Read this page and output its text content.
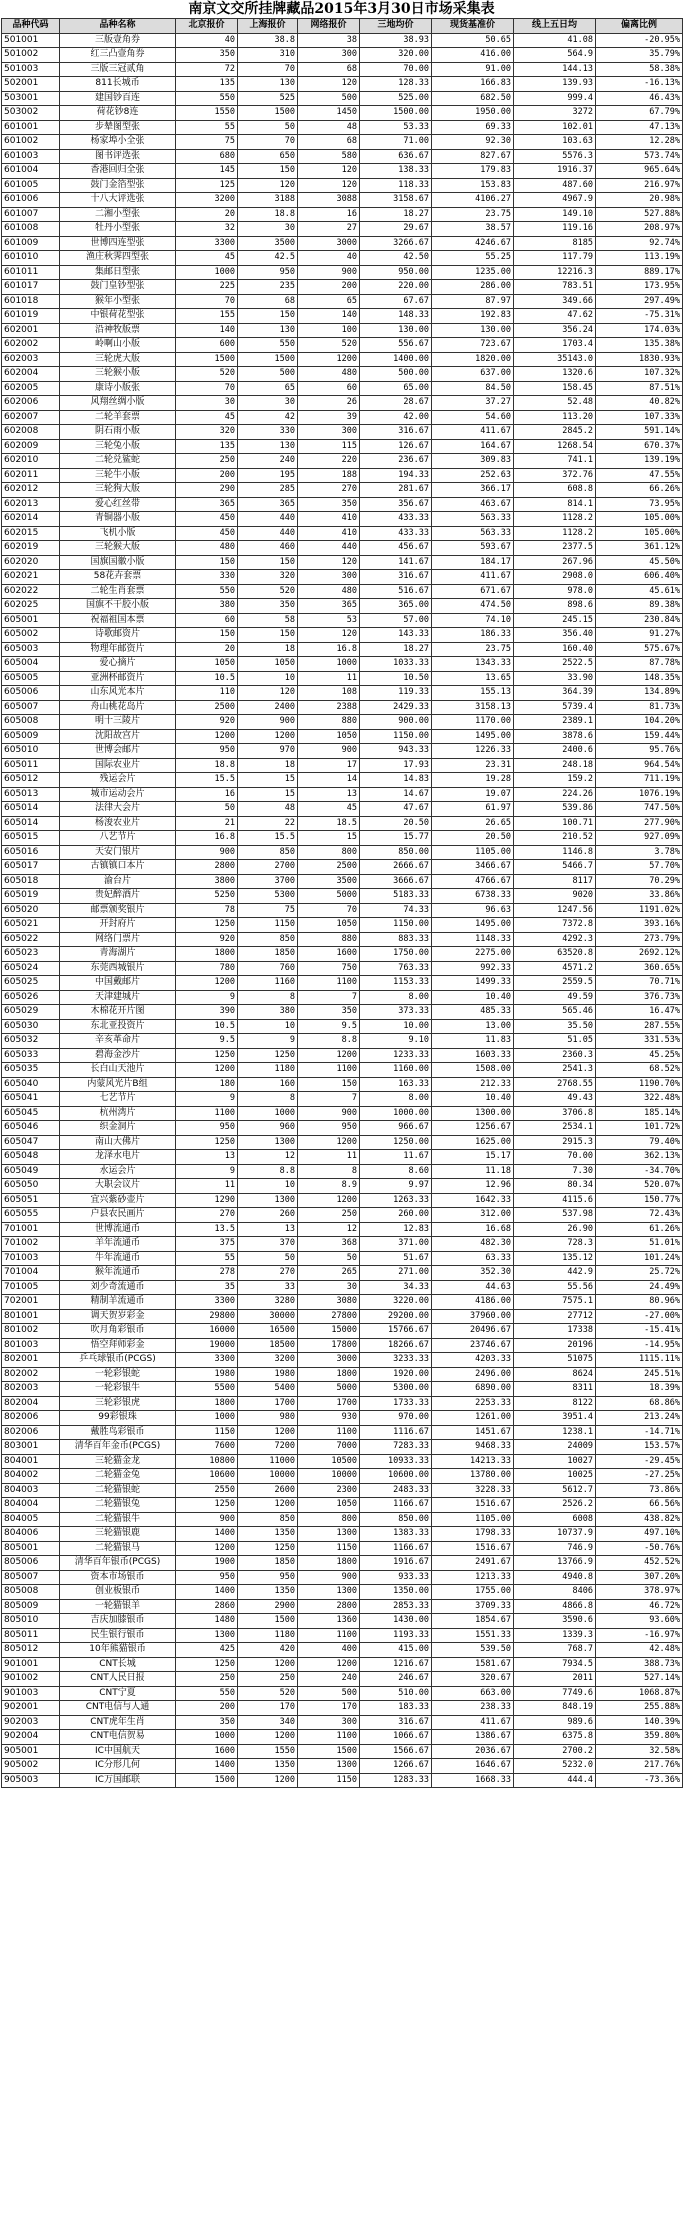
南京文交所挂牌藏品2015年3月30日市场采集表
品种代码	品种名称	北京报价	上海报价	网络报价	三地均价	现货基准价	线上五日均	偏离比例
501001	三版壹角券	40	38.8	38	38.93	50.65	41.08	-20.95%
501002	红三凸壹角券	350	310	300	320.00	416.00	564.9	35.79%
501003	三版三冠贰角	72	70	68	70.00	91.00	144.13	58.38%
502001	811长城币	135	130	120	128.33	166.83	139.93	-16.13%
503001	建国钞百连	550	525	500	525.00	682.50	999.4	46.43%
503002	荷花钞8连	1550	1500	1450	1500.00	1950.00	3272	67.79%
601001	步辇图型张	55	50	48	53.33	69.33	102.01	47.13%
601002	杨家埠小全张	75	70	68	71.00	92.30	103.63	12.28%
601003	图书评选张	680	650	580	636.67	827.67	5576.3	573.74%
601004	香港回归全张	145	150	120	138.33	179.83	1916.37	965.64%
601005	鼓门金箔型张	125	120	120	118.33	153.83	487.60	216.97%
601006	十八大评选张	3200	3188	3088	3158.67	4106.27	4967.9	20.98%
601007	二湘小型张	20	18.8	16	18.27	23.75	149.10	527.88%
601008	牡丹小型张	32	30	27	29.67	38.57	119.16	208.97%
601009	世博四连型张	3300	3500	3000	3266.67	4246.67	8185	92.74%
601010	渔庄秋霁四型张	45	42.5	40	42.50	55.25	117.79	113.19%
601011	集邮日型张	1000	950	900	950.00	1235.00	12216.3	889.17%
601017	鼓门皇钞型张	225	235	200	220.00	286.00	783.51	173.95%
601018	猴年小型张	70	68	65	67.67	87.97	349.66	297.49%
601019	中银荷花型张	155	150	140	148.33	192.83	47.62	-75.31%
602001	沿神牧版票	140	130	100	130.00	130.00	356.24	174.03%
602002	岭啊山小版	600	550	520	556.67	723.67	1703.4	135.38%
602003	三轮虎大版	1500	1500	1200	1400.00	1820.00	35143.0	1830.93%
602004	三轮猴小版	520	500	480	500.00	637.00	1320.6	107.32%
602005	康诗小版张	70	65	60	65.00	84.50	158.45	87.51%
602006	风翔丝绸小版	30	30	26	28.67	37.27	52.48	40.82%
602007	二轮羊套票	45	42	39	42.00	54.60	113.20	107.33%
602008	阴石雨小版	320	330	300	316.67	411.67	2845.2	591.14%
602009	三轮兔小版	135	130	115	126.67	164.67	1268.54	670.37%
602010	二轮兑鲨蛇	250	240	220	236.67	309.83	741.1	139.19%
602011	三轮牛小版	200	195	188	194.33	252.63	372.76	47.55%
602012	三轮狗大版	290	285	270	281.67	366.17	608.8	66.26%
602013	爱心红丝带	365	365	350	356.67	463.67	814.1	73.95%
602014	青铜器小版	450	440	410	433.33	563.33	1128.2	105.00%
602015	飞机小版	450	440	410	433.33	563.33	1128.2	105.00%
602019	三轮猴大版	480	460	440	456.67	593.67	2377.5	361.12%
602020	国旗国徽小版	150	150	120	141.67	184.17	267.96	45.50%
602021	58花卉套票	330	320	300	316.67	411.67	2908.0	606.40%
602022	二轮生肖套票	550	520	480	516.67	671.67	978.0	45.61%
602025	国旗不干胶小版	380	350	365	365.00	474.50	898.6	89.38%
605001	祝福祖国本票	60	58	53	57.00	74.10	245.15	230.84%
605002	诗歌邮资片	150	150	120	143.33	186.33	356.40	91.27%
605003	物理年邮资片	20	18	16.8	18.27	23.75	160.40	575.67%
605004	爱心摘片	1050	1050	1000	1033.33	1343.33	2522.5	87.78%
605005	亚洲杯邮资片	10.5	10	11	10.50	13.65	33.90	148.35%
605006	山东风光本片	110	120	108	119.33	155.13	364.39	134.89%
605007	舟山桃花岛片	2500	2400	2388	2429.33	3158.13	5739.4	81.73%
605008	明十三陵片	920	900	880	900.00	1170.00	2389.1	104.20%
605009	沈阳故宫片	1200	1200	1050	1150.00	1495.00	3878.6	159.44%
605010	世博会邮片	950	970	900	943.33	1226.33	2400.6	95.76%
605011	国际农业片	18.8	18	17	17.93	23.31	248.18	964.54%
605012	残运会片	15.5	15	14	14.83	19.28	159.2	711.19%
605013	城市运动会片	16	15	13	14.67	19.07	224.26	1076.19%
605014	法律大会片	50	48	45	47.67	61.97	539.86	747.50%
605014	杨浚农业片	21	22	18.5	20.50	26.65	100.71	277.90%
605015	八艺节片	16.8	15.5	15	15.77	20.50	210.52	927.09%
605016	天安门银片	900	850	800	850.00	1105.00	1146.8	3.78%
605017	古镇镇口本片	2800	2700	2500	2666.67	3466.67	5466.7	57.70%
605018	渝台片	3800	3700	3500	3666.67	4766.67	8117	70.29%
605019	贵妃醉酒片	5250	5300	5000	5183.33	6738.33	9020	33.86%
605020	邮票颁奖银片	78	75	70	74.33	96.63	1247.56	1191.02%
605021	开封府片	1250	1150	1050	1150.00	1495.00	7372.8	393.16%
605022	网络门票片	920	850	880	883.33	1148.33	4292.3	273.79%
605023	青海湖片	1800	1850	1600	1750.00	2275.00	63520.8	2692.12%
605024	东莞西城银片	780	760	750	763.33	992.33	4571.2	360.65%
605025	中国戴邮片	1200	1160	1100	1153.33	1499.33	2559.5	70.71%
605026	天津建城片	9	8	7	8.00	10.40	49.59	376.73%
605029	木棉花开片图	390	380	350	373.33	485.33	565.46	16.47%
605030	东北亚投资片	10.5	10	9.5	10.00	13.00	35.50	287.55%
605032	辛亥革命片	9.5	9	8.8	9.10	11.83	51.05	331.53%
605033	碧海金沙片	1250	1250	1200	1233.33	1603.33	2360.3	45.25%
605035	长白山天池片	1200	1180	1100	1160.00	1508.00	2541.3	68.52%
605040	内蒙风光片B组	180	160	150	163.33	212.33	2768.55	1190.70%
605041	七艺节片	9	8	7	8.00	10.40	49.43	322.48%
605045	杭州湾片	1100	1000	900	1000.00	1300.00	3706.8	185.14%
605046	织金洞片	950	960	950	966.67	1256.67	2534.1	101.72%
605047	南山大佛片	1250	1300	1200	1250.00	1625.00	2915.3	79.40%
605048	龙泽水电片	13	12	11	11.67	15.17	70.00	362.13%
605049	水运会片	9	8.8	8	8.60	11.18	7.30	-34.70%
605050	大职会议片	11	10	8.9	9.97	12.96	80.34	520.07%
605051	宜兴紫砂壶片	1290	1300	1200	1263.33	1642.33	4115.6	150.77%
605055	户县农民画片	270	260	250	260.00	312.00	537.98	72.43%
701001	世博流通币	13.5	13	12	12.83	16.68	26.90	61.26%
701002	羊年流通币	375	370	368	371.00	482.30	728.3	51.01%
701003	牛年流通币	55	50	50	51.67	63.33	135.12	101.24%
701004	猴年流通币	278	270	265	271.00	352.30	442.9	25.72%
701005	刘少奇流通币	35	33	30	34.33	44.63	55.56	24.49%
702001	精制羊流通币	3300	3280	3080	3220.00	4186.00	7575.1	80.96%
801001	调天贺岁彩金	29800	30000	27800	29200.00	37960.00	27712	-27.00%
801002	吹月角彩银币	16000	16500	15000	15766.67	20496.67	17338	-15.41%
801003	悟空拜师彩金	19000	18500	17800	18266.67	23746.67	20196	-14.95%
802001	乒乓球银币(PCGS)	3300	3200	3000	3233.33	4203.33	51075	1115.11%
802002	一轮彩银蛇	1980	1980	1800	1920.00	2496.00	8624	245.51%
802003	一轮彩银牛	5500	5400	5000	5300.00	6890.00	8311	18.39%
802004	三轮彩银虎	1800	1700	1700	1733.33	2253.33	8122	68.86%
802006	99彩银珠	1000	980	930	970.00	1261.00	3951.4	213.24%
802006	戴胜鸟彩银币	1150	1200	1100	1116.67	1451.67	1238.1	-14.71%
803001	清华百年金币(PCGS)	7600	7200	7000	7283.33	9468.33	24009	153.57%
804001	三轮猫金龙	10800	11000	10500	10933.33	14213.33	10027	-29.45%
804002	二轮猫金兔	10600	10000	10000	10600.00	13780.00	10025	-27.25%
804003	二轮猫银蛇	2550	2600	2300	2483.33	3228.33	5612.7	73.86%
804004	二轮猫银兔	1250	1200	1050	1166.67	1516.67	2526.2	66.56%
804005	二轮猫银牛	900	850	800	850.00	1105.00	6008	438.82%
804006	三轮猫银鹿	1400	1350	1300	1383.33	1798.33	10737.9	497.10%
805001	二轮猫银马	1200	1250	1150	1166.67	1516.67	746.9	-50.76%
805006	清华百年银币(PCGS)	1900	1850	1800	1916.67	2491.67	13766.9	452.52%
805007	资本市场银币	950	950	900	933.33	1213.33	4940.8	307.20%
805008	创业板银币	1400	1350	1300	1350.00	1755.00	8406	378.97%
805009	一轮猫银羊	2860	2900	2800	2853.33	3709.33	4866.8	46.72%
805010	吉庆加膝银币	1480	1500	1360	1430.00	1854.67	3590.6	93.60%
805011	民生银行银币	1300	1180	1100	1193.33	1551.33	1339.3	-16.97%
805012	10年熊猫银币	425	420	400	415.00	539.50	768.7	42.48%
901001	CNT长城	1250	1200	1200	1216.67	1581.67	7934.5	388.73%
901002	CNT人民日报	250	250	240	246.67	320.67	2011	527.14%
901003	CNT宁夏	550	520	500	510.00	663.00	7749.6	1068.87%
902001	CNT电信与人通	200	170	170	183.33	238.33	848.19	255.88%
902003	CNT虎年生肖	350	340	300	316.67	411.67	989.6	140.39%
902004	CNT电信贺易	1000	1200	1100	1066.67	1386.67	6375.8	359.80%
905001	IC中国航天	1600	1550	1500	1566.67	2036.67	2700.2	32.58%
905002	IC分形几何	1400	1350	1300	1266.67	1646.67	5232.0	217.76%
905003	IC万国邮联	1500	1200	1150	1283.33	1668.33	444.4	-73.36%
